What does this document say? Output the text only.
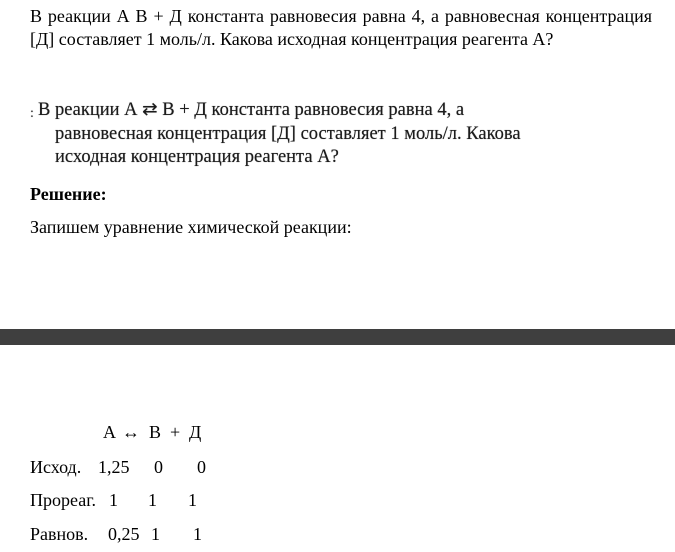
В реакции А В + Д константа равновесия равна 4, а равновесная концентрация [Д] составляет 1 моль/л. Какова исходная концентрация реагента А?
: В реакции А ⇄ В + Д константа равновесия равна 4, а
равновесная концентрация [Д] составляет 1 моль/л. Какова
исходная концентрация реагента А?
Решение:
Запишем уравнение химической реакции:
А ↔ В + Д
Исход. 1,25 0 0
Прореаг. 1 1 1
Равнов. 0,25 1 1
